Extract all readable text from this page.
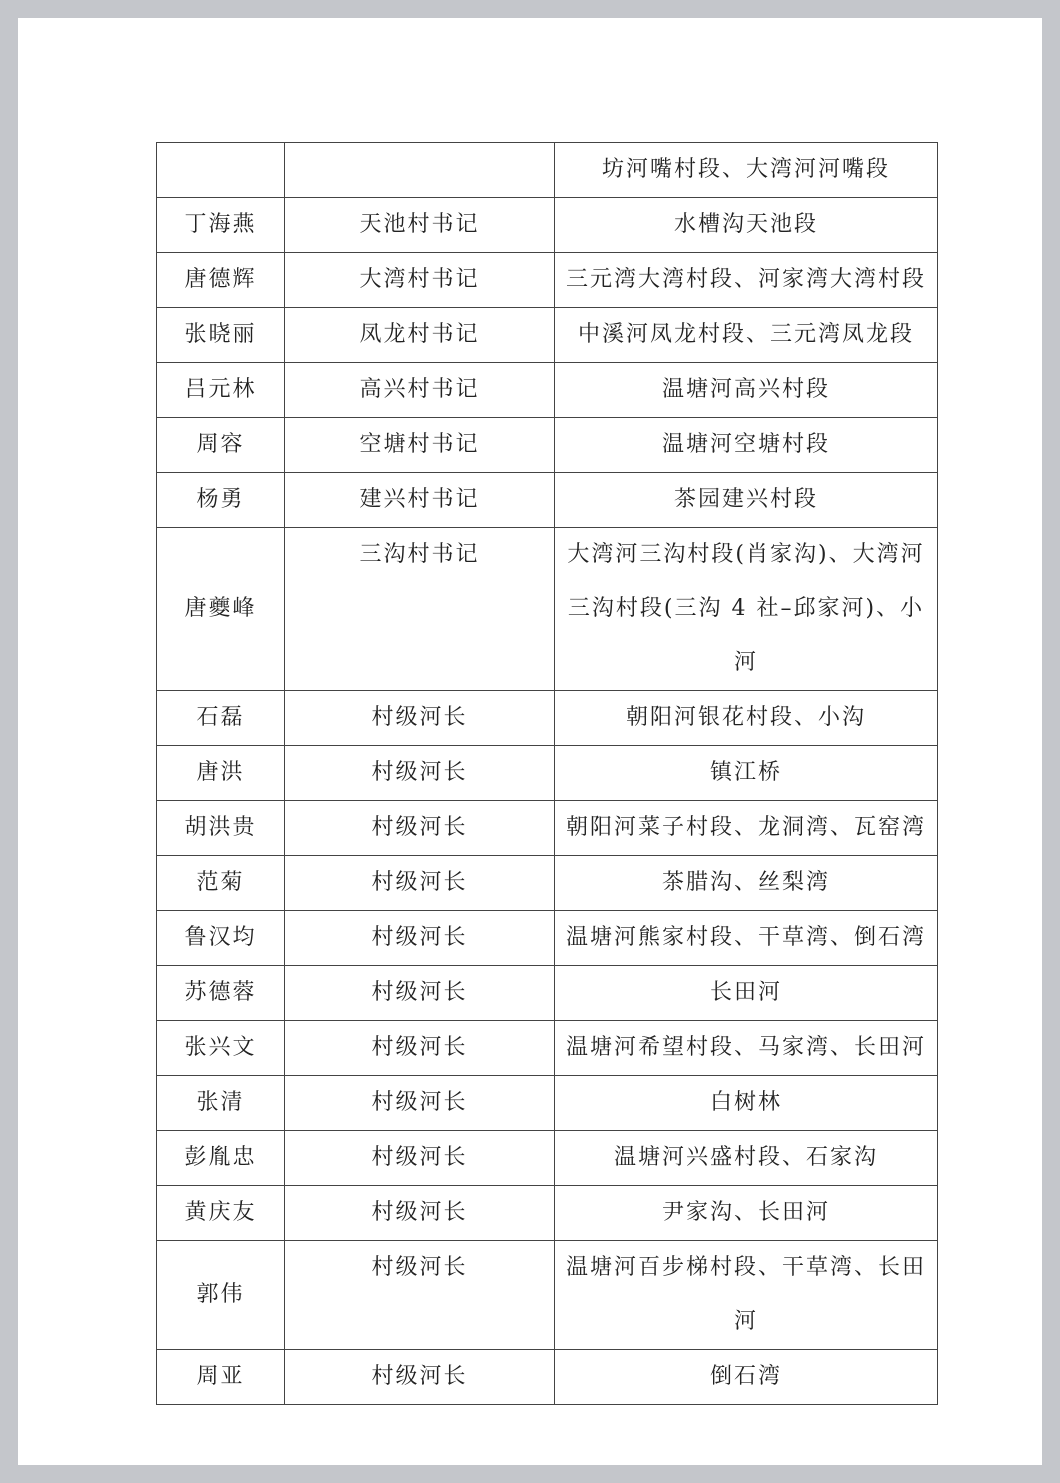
		坊河嘴村段、大湾河河嘴段
丁海燕	天池村书记	水槽沟天池段
唐德辉	大湾村书记	三元湾大湾村段、河家湾大湾村段
张晓丽	凤龙村书记	中溪河凤龙村段、三元湾凤龙段
吕元林	高兴村书记	温塘河高兴村段
周容	空塘村书记	温塘河空塘村段
杨勇	建兴村书记	茶园建兴村段
唐夔峰	三沟村书记	大湾河三沟村段(肖家沟)、大湾河三沟村段(三沟 4 社–邱家河)、小河
石磊	村级河长	朝阳河银花村段、小沟
唐洪	村级河长	镇江桥
胡洪贵	村级河长	朝阳河菜子村段、龙洞湾、瓦窑湾
范菊	村级河长	茶腊沟、丝梨湾
鲁汉均	村级河长	温塘河熊家村段、干草湾、倒石湾
苏德蓉	村级河长	长田河
张兴文	村级河长	温塘河希望村段、马家湾、长田河
张清	村级河长	白树林
彭胤忠	村级河长	温塘河兴盛村段、石家沟
黄庆友	村级河长	尹家沟、长田河
郭伟	村级河长	温塘河百步梯村段、干草湾、长田河
周亚	村级河长	倒石湾
